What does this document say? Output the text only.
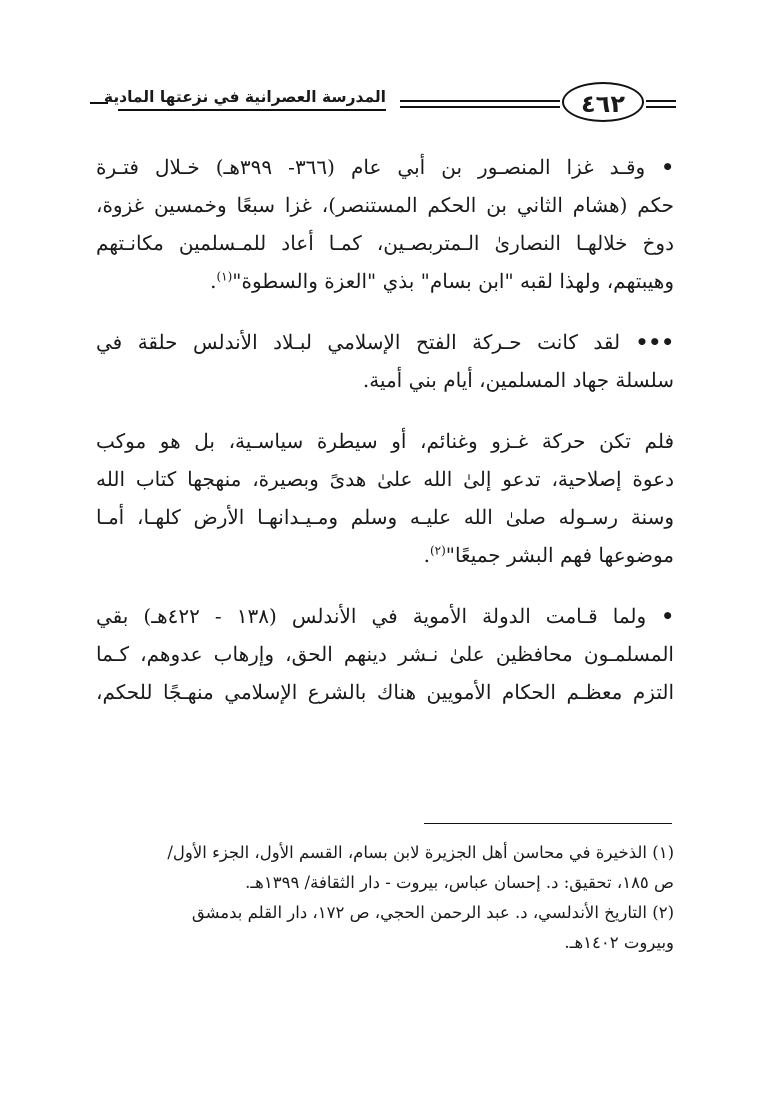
المدرسة العصرانية في نزعتها المادية	٤٦٢
• وقـد غزا المنصـور بن أبي عام (٣٦٦- ٣٩٩هـ) خـلال فتـرة
حكم (هشام الثاني بن الحكم المستنصر)، غزا سبعًا وخمسين غزوة،
دوخ خلالهـا النصارىٰ الـمتربصـين، كمـا أعاد للمـسلمين مكانـتهم
وهيبتهم، ولهذا لقبه "ابن بسام" بذي "العزة والسطوة"$^{(١)}$.
••• لقد كانت حـركة الفتح الإسلامي لبـلاد الأندلس حلقة في
سلسلة جهاد المسلمين، أيام بني أمية.
فلم تكن حركة غـزو وغنائم، أو سيطرة سياسـية، بل هو موكب
دعوة إصلاحية، تدعو إلىٰ الله علىٰ هدىً وبصيرة، منهجها كتاب الله
وسنة رسـوله صلىٰ الله عليـه وسلم ومـيـدانهـا الأرض كلهـا، أمـا
موضوعها فهم البشر جميعًا"$^{(٢)}$.
• ولما قـامت الدولة الأموية في الأندلس (١٣٨ - ٤٢٢هـ) بقي
المسلمـون محافظين علىٰ نـشر دينهم الحق، وإرهاب عدوهم، كـما
التزم معظـم الحكام الأمويين هناك بالشرع الإسلامي منهـجًا للحكم،
(١) الذخيرة في محاسن أهل الجزيرة لابن بسام، القسم الأول، الجزء الأول/
ص ١٨٥، تحقيق: د. إحسان عباس، بيروت - دار الثقافة/ ١٣٩٩هـ.
(٢) التاريخ الأندلسي، د. عبد الرحمن الحجي، ص ١٧٢، دار القلم بدمشق
وبيروت ١٤٠٢هـ.
